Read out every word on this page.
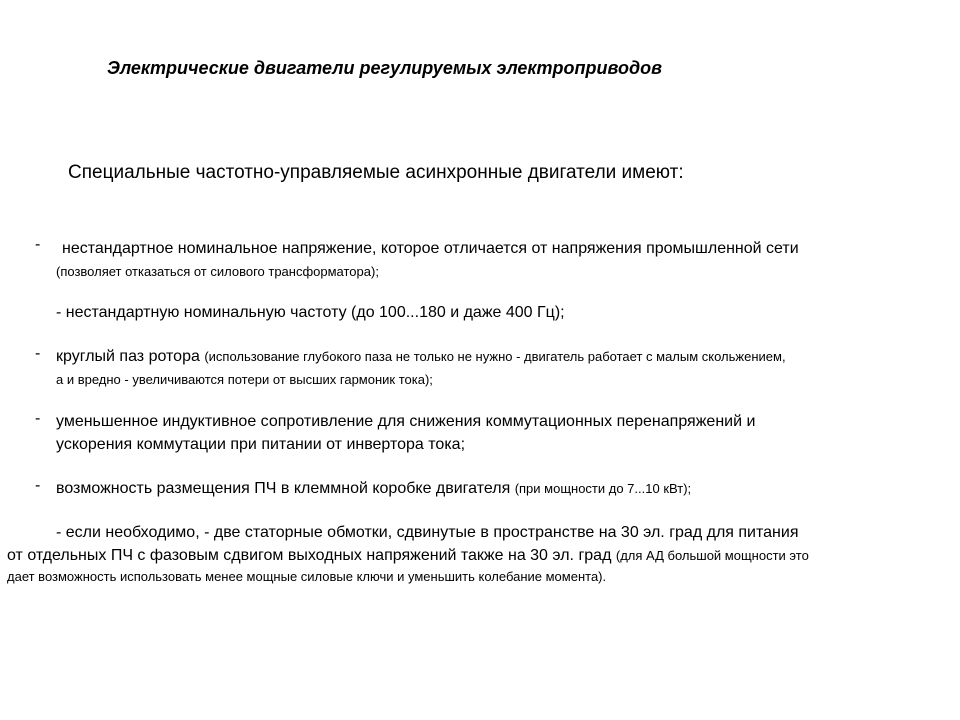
Электрические двигатели регулируемых электроприводов
Специальные частотно-управляемые асинхронные двигатели имеют:
- нестандартное номинальное напряжение, которое отличается от напряжения промышленной сети
(позволяет отказаться от силового трансформатора);
- нестандартную номинальную частоту (до 100...180 и даже 400 Гц);
- круглый паз ротора (использование глубокого паза не только не нужно - двигатель работает с малым скольжением,
а и вредно - увеличиваются потери от высших гармоник тока);
- уменьшенное индуктивное сопротивление для снижения коммутационных перенапряжений и
ускорения коммутации при питании от инвертора тока;
- возможность размещения ПЧ в клеммной коробке двигателя (при мощности до 7...10 кВт);
- если необходимо, - две статорные обмотки, сдвинутые в пространстве на 30 эл. град для питания
от отдельных ПЧ с фазовым сдвигом выходных напряжений также на 30 эл. град (для АД большой мощности это
дает возможность использовать менее мощные силовые ключи и уменьшить колебание момента).
